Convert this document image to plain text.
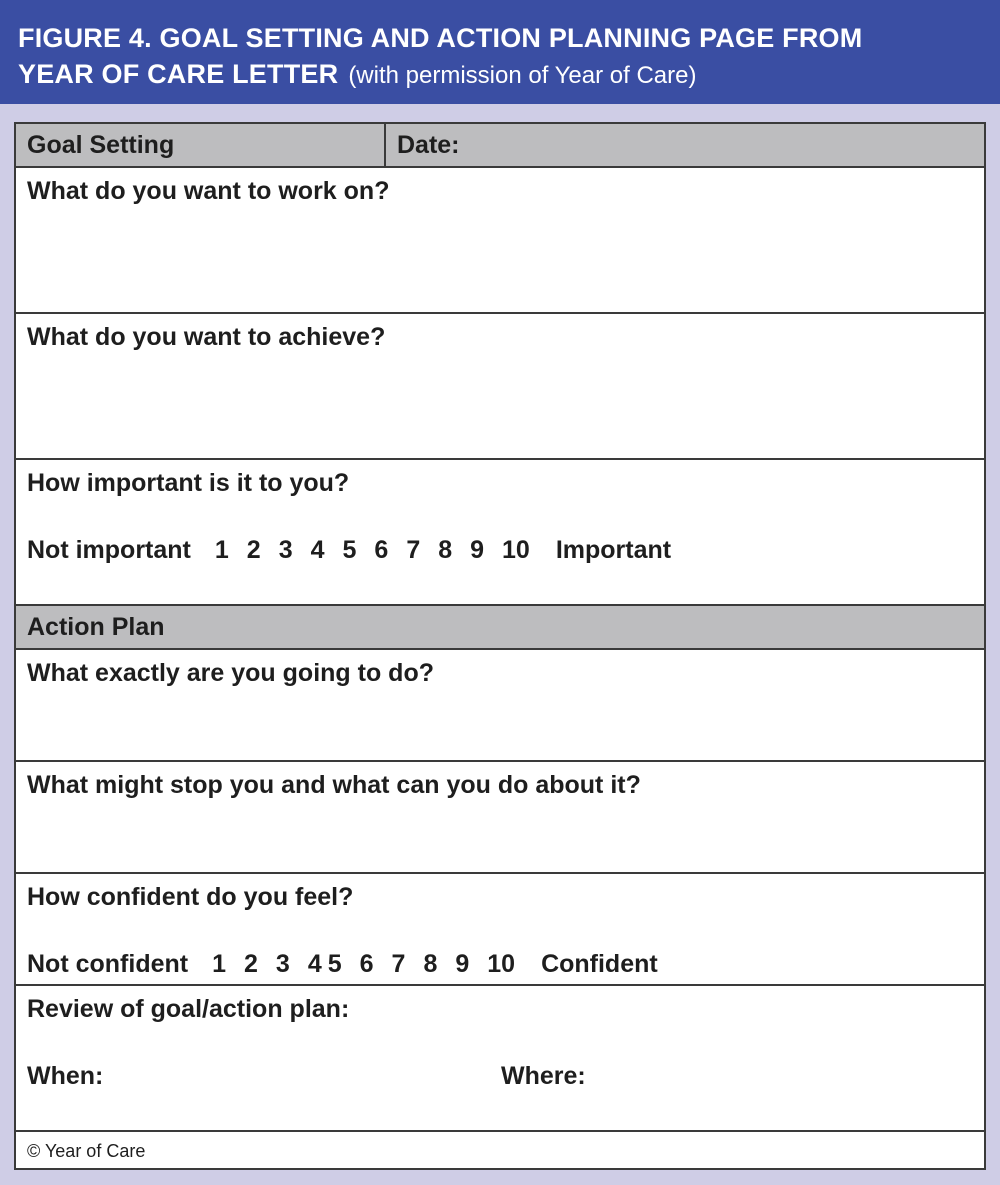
FIGURE 4. GOAL SETTING AND ACTION PLANNING PAGE FROM
YEAR OF CARE LETTER (with permission of Year of Care)
Goal Setting	Date:
What do you want to work on?
What do you want to achieve?
How important is it to you?
Not important 1 2 3 4 5 6 7 8 9 10 Important
Action Plan
What exactly are you going to do?
What might stop you and what can you do about it?
How confident do you feel?
Not confident 1 2 3 4 5 6 7 8 9 10 Confident
Review of goal/action plan:
When:	Where:
© Year of Care
